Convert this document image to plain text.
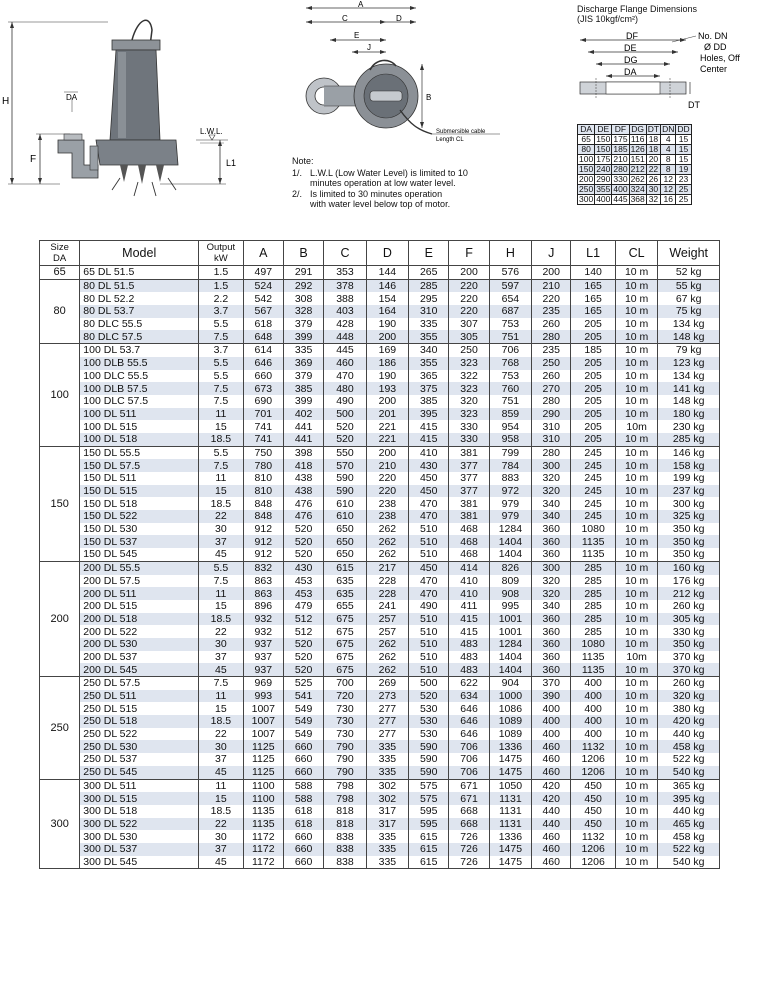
H
F
DA
L.W.L.
L1
A
C	D
E
J
B
Submersible cable
Length CL
Note:
1/. L.W.L (Low Water Level) is limited to 10
minutes operation at low water level.
2/. Is limited to 30 minutes operation
with water level below top of motor.
Discharge Flange Dimensions
(JIS 10kgf/cm²)
DF
DE
DG
DA
DT
No. DN
Ø DD
Holes, Off
Center
DA	DE	DF	DG	DT	DN	DD
65	150	175	116	18	4	15
80	150	185	126	18	4	15
100	175	210	151	20	8	15
150	240	280	212	22	8	19
200	290	330	262	26	12	23
250	355	400	324	30	12	25
300	400	445	368	32	16	25
Size
DA	Model	Output
kW	A	B	C	D	E	F	H	J	L1	CL	Weight
65	65 DL 51.5	1.5	497	291	353	144	265	200	576	200	140	10 m	52 kg
80	80 DL 51.5	1.5	524	292	378	146	285	220	597	210	165	10 m	55 kg
	80 DL 52.2	2.2	542	308	388	154	295	220	654	220	165	10 m	67 kg
	80 DL 53.7	3.7	567	328	403	164	310	220	687	235	165	10 m	75 kg
	80 DLC 55.5	5.5	618	379	428	190	335	307	753	260	205	10 m	134 kg
	80 DLC 57.5	7.5	648	399	448	200	355	305	751	280	205	10 m	148 kg
100	100 DL 53.7	3.7	614	335	445	169	340	250	706	235	185	10 m	79 kg
	100 DLB 55.5	5.5	646	369	460	186	355	323	768	250	205	10 m	123 kg
	100 DLC 55.5	5.5	660	379	470	190	365	322	753	260	205	10 m	134 kg
	100 DLB 57.5	7.5	673	385	480	193	375	323	760	270	205	10 m	141 kg
	100 DLC 57.5	7.5	690	399	490	200	385	320	751	280	205	10 m	148 kg
	100 DL 511	11	701	402	500	201	395	323	859	290	205	10 m	180 kg
	100 DL 515	15	741	441	520	221	415	330	954	310	205	10m	230 kg
	100 DL 518	18.5	741	441	520	221	415	330	958	310	205	10 m	285 kg
150	150 DL 55.5	5.5	750	398	550	200	410	381	799	280	245	10 m	146 kg
	150 DL 57.5	7.5	780	418	570	210	430	377	784	300	245	10 m	158 kg
	150 DL 511	11	810	438	590	220	450	377	883	320	245	10 m	199 kg
	150 DL 515	15	810	438	590	220	450	377	972	320	245	10 m	237 kg
	150 DL 518	18.5	848	476	610	238	470	381	979	340	245	10 m	300 kg
	150 DL 522	22	848	476	610	238	470	381	979	340	245	10 m	325 kg
	150 DL 530	30	912	520	650	262	510	468	1284	360	1080	10 m	350 kg
	150 DL 537	37	912	520	650	262	510	468	1404	360	1135	10 m	350 kg
	150 DL 545	45	912	520	650	262	510	468	1404	360	1135	10 m	350 kg
200	200 DL 55.5	5.5	832	430	615	217	450	414	826	300	285	10 m	160 kg
	200 DL 57.5	7.5	863	453	635	228	470	410	809	320	285	10 m	176 kg
	200 DL 511	11	863	453	635	228	470	410	908	320	285	10 m	212 kg
	200 DL 515	15	896	479	655	241	490	411	995	340	285	10 m	260 kg
	200 DL 518	18.5	932	512	675	257	510	415	1001	360	285	10 m	305 kg
	200 DL 522	22	932	512	675	257	510	415	1001	360	285	10 m	330 kg
	200 DL 530	30	937	520	675	262	510	483	1284	360	1080	10 m	350 kg
	200 DL 537	37	937	520	675	262	510	483	1404	360	1135	10m	370 kg
	200 DL 545	45	937	520	675	262	510	483	1404	360	1135	10 m	370 kg
250	250 DL 57.5	7.5	969	525	700	269	500	622	904	370	400	10 m	260 kg
	250 DL 511	11	993	541	720	273	520	634	1000	390	400	10 m	320 kg
	250 DL 515	15	1007	549	730	277	530	646	1086	400	400	10 m	380 kg
	250 DL 518	18.5	1007	549	730	277	530	646	1089	400	400	10 m	420 kg
	250 DL 522	22	1007	549	730	277	530	646	1089	400	400	10 m	440 kg
	250 DL 530	30	1125	660	790	335	590	706	1336	460	1132	10 m	458 kg
	250 DL 537	37	1125	660	790	335	590	706	1475	460	1206	10 m	522 kg
	250 DL 545	45	1125	660	790	335	590	706	1475	460	1206	10 m	540 kg
300	300 DL 511	11	1100	588	798	302	575	671	1050	420	450	10 m	365 kg
	300 DL 515	15	1100	588	798	302	575	671	1131	420	450	10 m	395 kg
	300 DL 518	18.5	1135	618	818	317	595	668	1131	440	450	10 m	440 kg
	300 DL 522	22	1135	618	818	317	595	668	1131	440	450	10 m	465 kg
	300 DL 530	30	1172	660	838	335	615	726	1336	460	1132	10 m	458 kg
	300 DL 537	37	1172	660	838	335	615	726	1475	460	1206	10 m	522 kg
	300 DL 545	45	1172	660	838	335	615	726	1475	460	1206	10 m	540 kg
